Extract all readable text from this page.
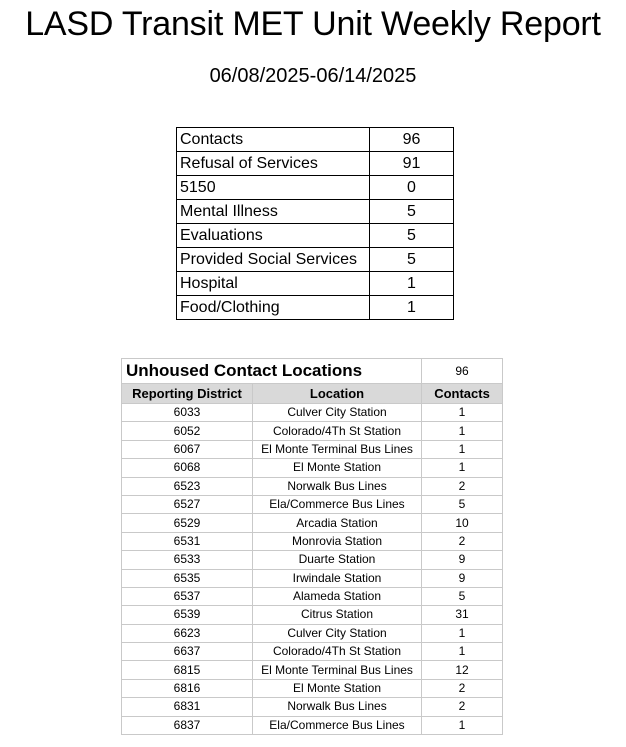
LASD Transit MET Unit Weekly Report
06/08/2025-06/14/2025
Contacts	96
Refusal of Services	91
5150	0
Mental Illness	5
Evaluations	5
Provided Social Services	5
Hospital	1
Food/Clothing	1
Unhoused Contact Locations		96
Reporting District	Location	Contacts
6033	Culver City Station	1
6052	Colorado/4Th St Station	1
6067	El Monte Terminal Bus Lines	1
6068	El Monte Station	1
6523	Norwalk Bus Lines	2
6527	Ela/Commerce Bus Lines	5
6529	Arcadia Station	10
6531	Monrovia Station	2
6533	Duarte Station	9
6535	Irwindale Station	9
6537	Alameda Station	5
6539	Citrus Station	31
6623	Culver City Station	1
6637	Colorado/4Th St Station	1
6815	El Monte Terminal Bus Lines	12
6816	El Monte Station	2
6831	Norwalk Bus Lines	2
6837	Ela/Commerce Bus Lines	1
